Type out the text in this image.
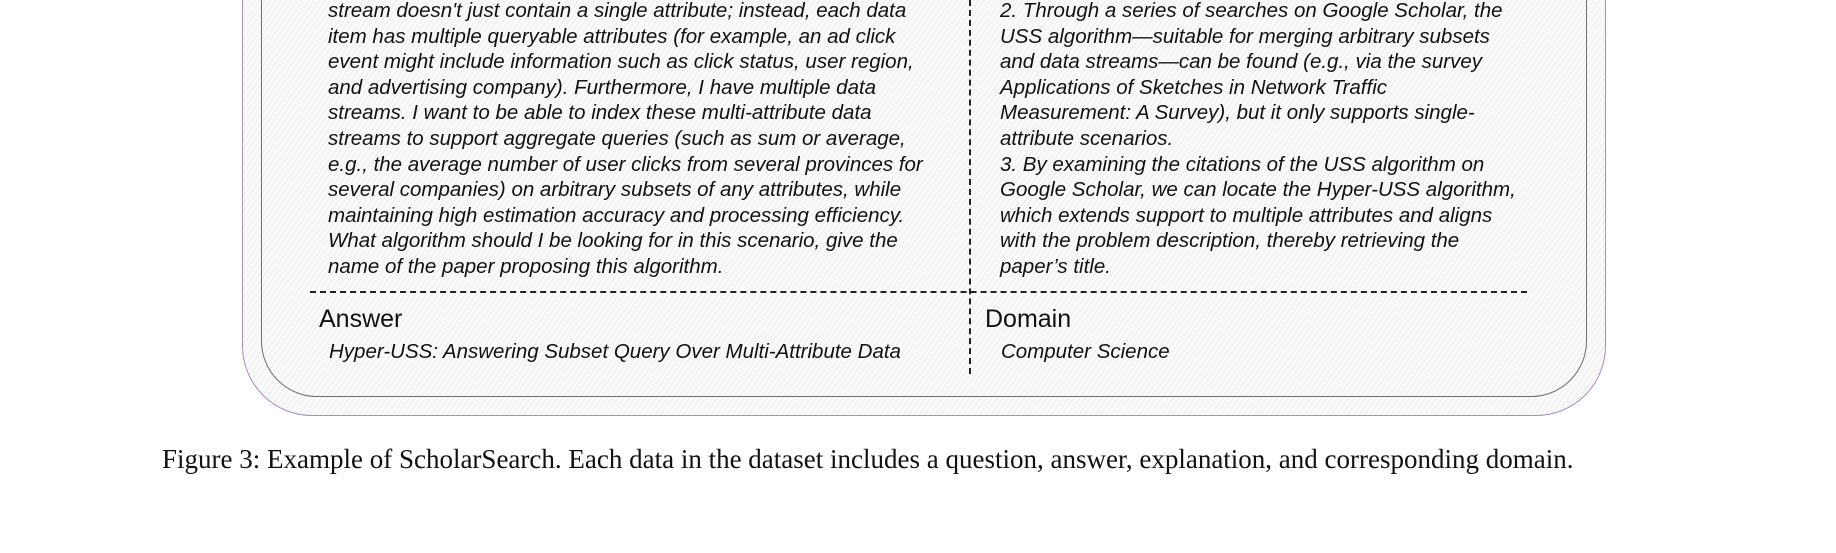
stream doesn't just contain a single attribute; instead, each data
item has multiple queryable attributes (for example, an ad click
event might include information such as click status, user region,
and advertising company). Furthermore, I have multiple data
streams. I want to be able to index these multi-attribute data
streams to support aggregate queries (such as sum or average,
e.g., the average number of user clicks from several provinces for
several companies) on arbitrary subsets of any attributes, while
maintaining high estimation accuracy and processing efficiency.
What algorithm should I be looking for in this scenario, give the
name of the paper proposing this algorithm.
2. Through a series of searches on Google Scholar, the
USS algorithm—suitable for merging arbitrary subsets
and data streams—can be found (e.g., via the survey
Applications of Sketches in Network Traffic
Measurement: A Survey), but it only supports single-
attribute scenarios.
3. By examining the citations of the USS algorithm on
Google Scholar, we can locate the Hyper-USS algorithm,
which extends support to multiple attributes and aligns
with the problem description, thereby retrieving the
paper’s title.
Answer
Hyper-USS: Answering Subset Query Over Multi-Attribute Data
Domain
Computer Science
Figure 3: Example of ScholarSearch. Each data in the dataset includes a question, answer, explanation, and corresponding domain.
